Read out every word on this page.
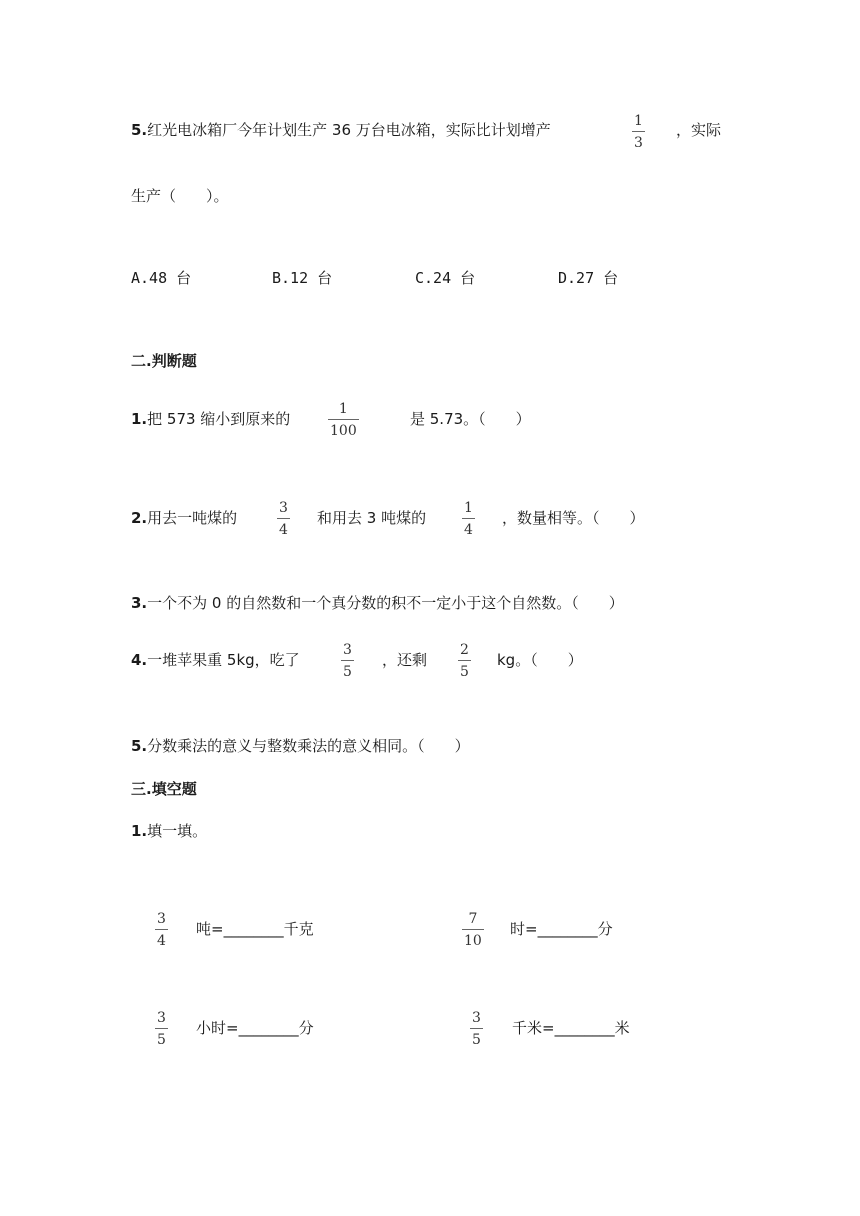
5.红光电冰箱厂今年计划生产 36 万台电冰箱，实际比计划增产	1
3
，实际
生产（　　）。
A.48 台	B.12 台	C.24 台	D.27 台
二.判断题
1.把 573 缩小到原来的
1
100
是 5.73。（　　）
2.用去一吨煤的
3
4
和用去 3 吨煤的
1
4
，数量相等。（　　）
3.一个不为 0 的自然数和一个真分数的积不一定小于这个自然数。（　　）
4.一堆苹果重 5kg，吃了
3
5
，还剩
2
5
kg。（　　）
5.分数乘法的意义与整数乘法的意义相同。（　　）
三.填空题
1.填一填。
3
4
吨=________千克
7
10
时=________分
3
5
小时=________分
3
5
千米=________米
